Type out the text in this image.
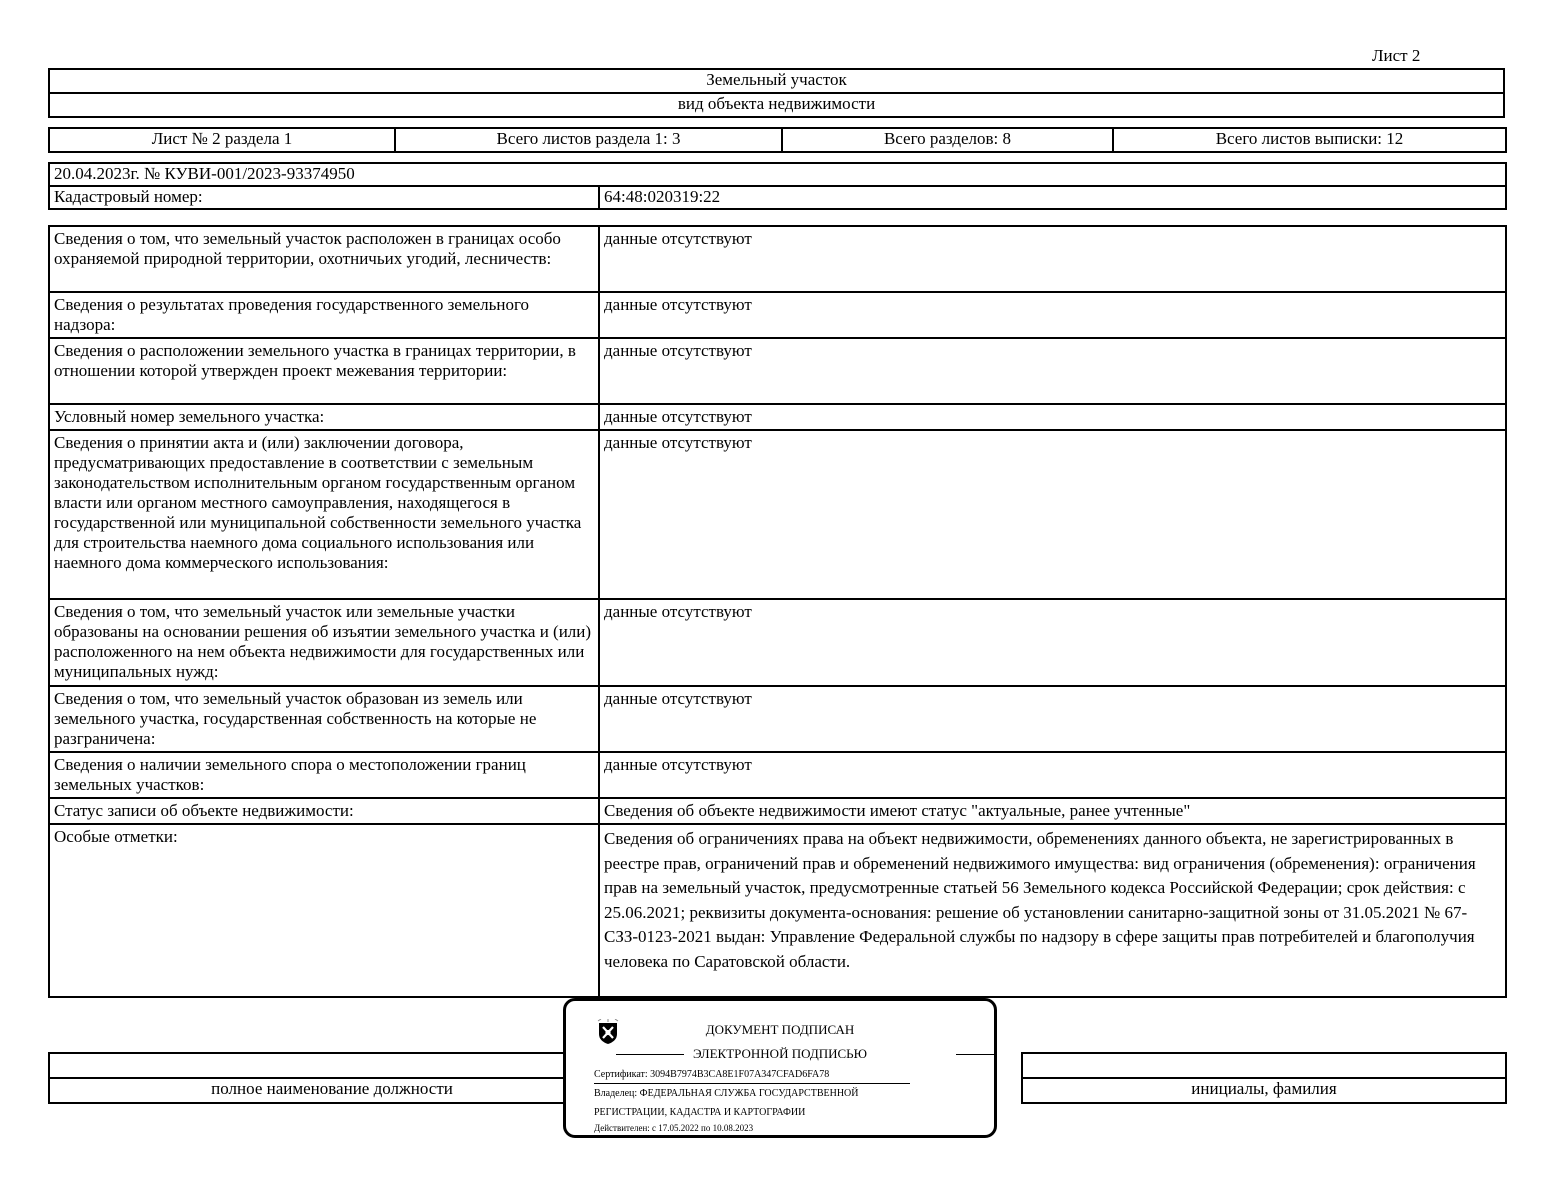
Лист 2
Земельный участок
вид объекта недвижимости
Лист № 2 раздела 1	Всего листов раздела 1: 3	Всего разделов: 8	Всего листов выписки: 12
20.04.2023г. № КУВИ-001/2023-93374950
Кадастровый номер:	64:48:020319:22
Сведения о том, что земельный участок расположен в границах особо охраняемой природной территории, охотничьих угодий, лесничеств:	данные отсутствуют
Сведения о результатах проведения государственного земельного надзора:	данные отсутствуют
Сведения о расположении земельного участка в границах территории, в отношении которой утвержден проект межевания территории:	данные отсутствуют
Условный номер земельного участка:	данные отсутствуют
Сведения о принятии акта и (или) заключении договора, предусматривающих предоставление в соответствии с земельным законодательством исполнительным органом государственным органом власти или органом местного самоуправления, находящегося в государственной или муниципальной собственности земельного участка для строительства наемного дома социального использования или наемного дома коммерческого использования:	данные отсутствуют
Сведения о том, что земельный участок или земельные участки образованы на основании решения об изъятии земельного участка и (или) расположенного на нем объекта недвижимости для государственных или муниципальных нужд:	данные отсутствуют
Сведения о том, что земельный участок образован из земель или земельного участка, государственная собственность на которые не разграничена:	данные отсутствуют
Сведения о наличии земельного спора о местоположении границ земельных участков:	данные отсутствуют
Статус записи об объекте недвижимости:	Сведения об объекте недвижимости имеют статус "актуальные, ранее учтенные"
Особые отметки:	Сведения об ограничениях права на объект недвижимости, обременениях данного объекта, не зарегистрированных в реестре прав, ограничений прав и обременений недвижимого имущества: вид ограничения (обременения): ограничения прав на земельный участок, предусмотренные статьей 56 Земельного кодекса Российской Федерации; срок действия: с 25.06.2021; реквизиты документа-основания: решение об установлении санитарно-защитной зоны от 31.05.2021 № 67-СЗЗ-0123-2021 выдан: Управление Федеральной службы по надзору в сфере защиты прав потребителей и благополучия человека по Саратовской области.

полное наименование должности		инициалы, фамилия
ДОКУМЕНТ ПОДПИСАН
ЭЛЕКТРОННОЙ ПОДПИСЬЮ
Сертификат: 3094B7974B3CA8E1F07A347CFAD6FA78
Владелец: ФЕДЕРАЛЬНАЯ СЛУЖБА ГОСУДАРСТВЕННОЙ
РЕГИСТРАЦИИ, КАДАСТРА И КАРТОГРАФИИ
Действителен: с 17.05.2022 по 10.08.2023
